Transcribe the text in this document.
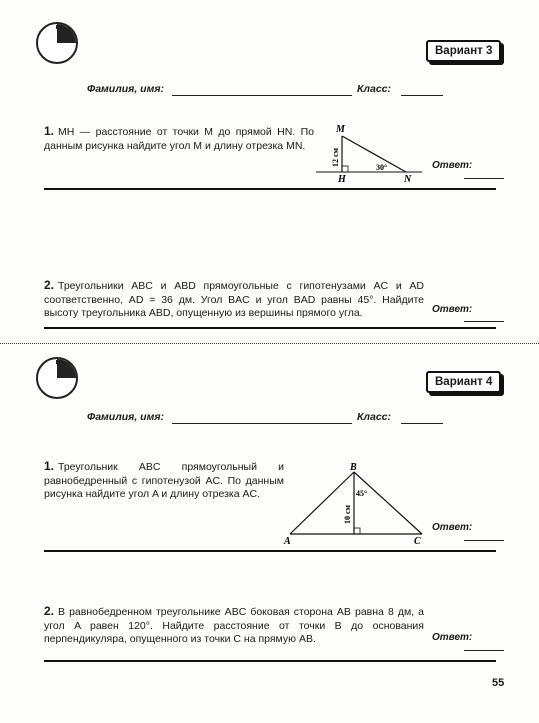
Вариант 3
Фамилия, имя:	Класс:
1. MH — расстояние от точки M до прямой HN. По данным рисунка найдите угол M и длину отрезка MN.
M
H	N
12 см
30°	Ответ:
2. Треугольники ABC и ABD прямоугольные с гипотенузами AC и AD соответственно, AD = 36 дм. Угол BAC и угол BAD равны 45°. Найдите высоту треугольника ABD, опущенную из вершины прямого угла.	Ответ:
Вариант 4
Фамилия, имя:	Класс:
1. Треугольник ABC прямоугольный и равнобедренный с гипотенузой AC. По данным рисунка найдите угол A и длину отрезка AC.
B
A	C
10 см
45°
Ответ:
2. В равнобедренном треугольнике ABC боковая сторона AB равна 8 дм, а угол A равен 120°. Найдите расстояние от точки B до основания перпендикуляра, опущенного из точки C на прямую AB.	Ответ:
55
